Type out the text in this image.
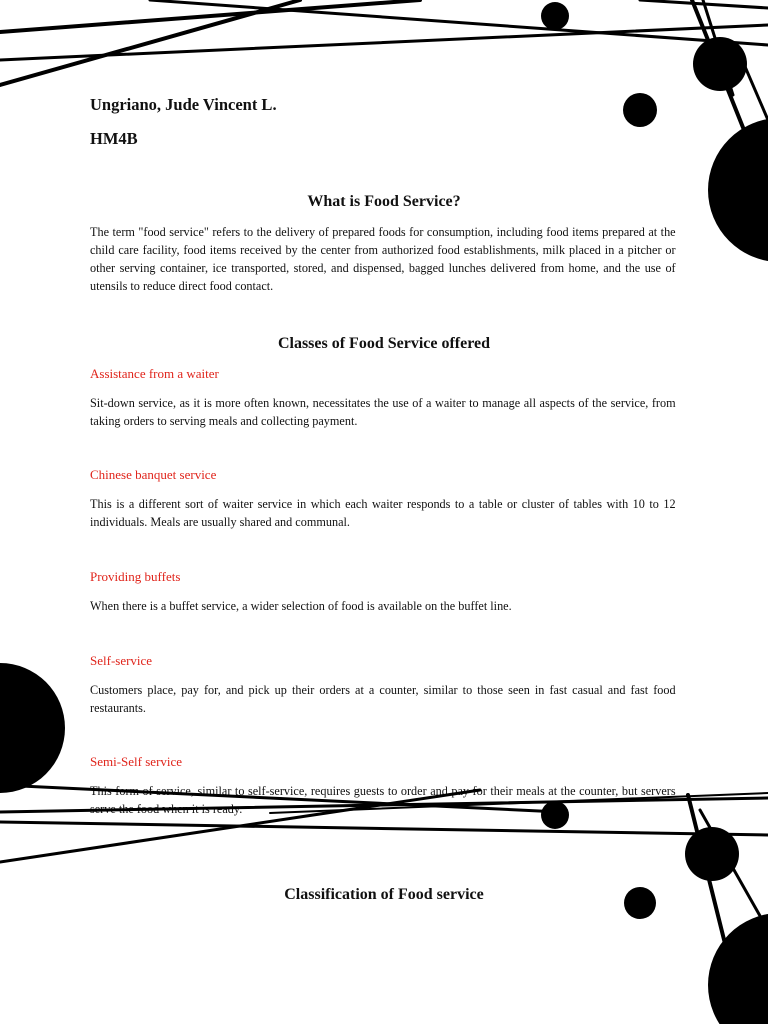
Ungriano, Jude Vincent L.

HM4B

What is Food Service?

The term "food service" refers to the delivery of prepared foods for consumption, including food items prepared at the child care facility, food items received by the center from authorized food establishments, milk placed in a pitcher or other serving container, ice transported, stored, and dispensed, bagged lunches delivered from home, and the use of utensils to reduce direct food contact.

Classes of Food Service offered

Assistance from a waiter

Sit-down service, as it is more often known, necessitates the use of a waiter to manage all aspects of the service, from taking orders to serving meals and collecting payment.

Chinese banquet service

This is a different sort of waiter service in which each waiter responds to a table or cluster of tables with 10 to 12 individuals. Meals are usually shared and communal.

Providing buffets

When there is a buffet service, a wider selection of food is available on the buffet line.

Self-service

Customers place, pay for, and pick up their orders at a counter, similar to those seen in fast casual and fast food restaurants.

Semi-Self service

This form of service, similar to self-service, requires guests to order and pay for their meals at the counter, but servers serve the food when it is ready.

Classification of Food service
